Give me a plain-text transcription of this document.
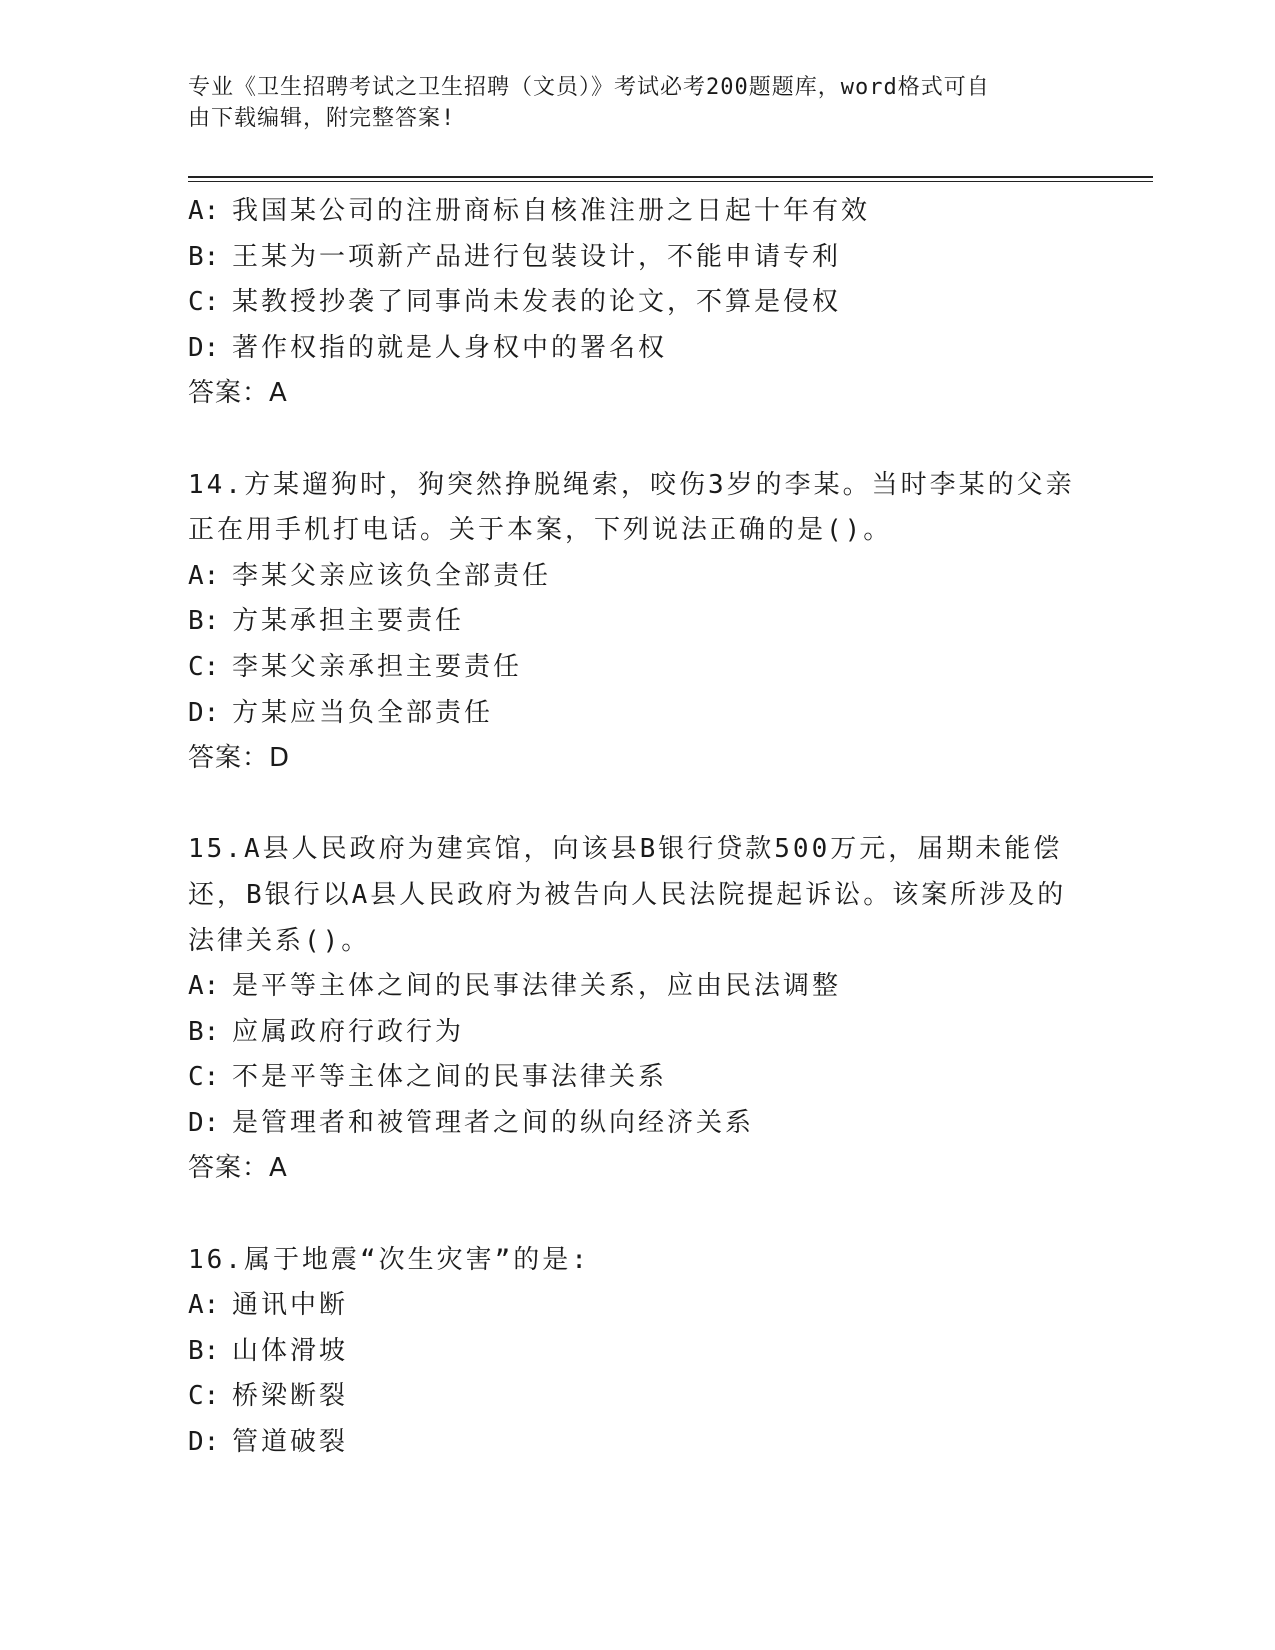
专业《卫生招聘考试之卫生招聘（文员）》考试必考200题题库，word格式可自
由下载编辑，附完整答案!
A: 我国某公司的注册商标自核准注册之日起十年有效
B: 王某为一项新产品进行包装设计，不能申请专利
C: 某教授抄袭了同事尚未发表的论文，不算是侵权
D: 著作权指的就是人身权中的署名权
答案：A
14.方某遛狗时，狗突然挣脱绳索，咬伤3岁的李某。当时李某的父亲
正在用手机打电话。关于本案，下列说法正确的是()。
A: 李某父亲应该负全部责任
B: 方某承担主要责任
C: 李某父亲承担主要责任
D: 方某应当负全部责任
答案：D
15.A县人民政府为建宾馆，向该县B银行贷款500万元，届期未能偿
还，B银行以A县人民政府为被告向人民法院提起诉讼。该案所涉及的
法律关系()。
A: 是平等主体之间的民事法律关系，应由民法调整
B: 应属政府行政行为
C: 不是平等主体之间的民事法律关系
D: 是管理者和被管理者之间的纵向经济关系
答案：A
16.属于地震“次生灾害”的是:
A: 通讯中断
B: 山体滑坡
C: 桥梁断裂
D: 管道破裂
